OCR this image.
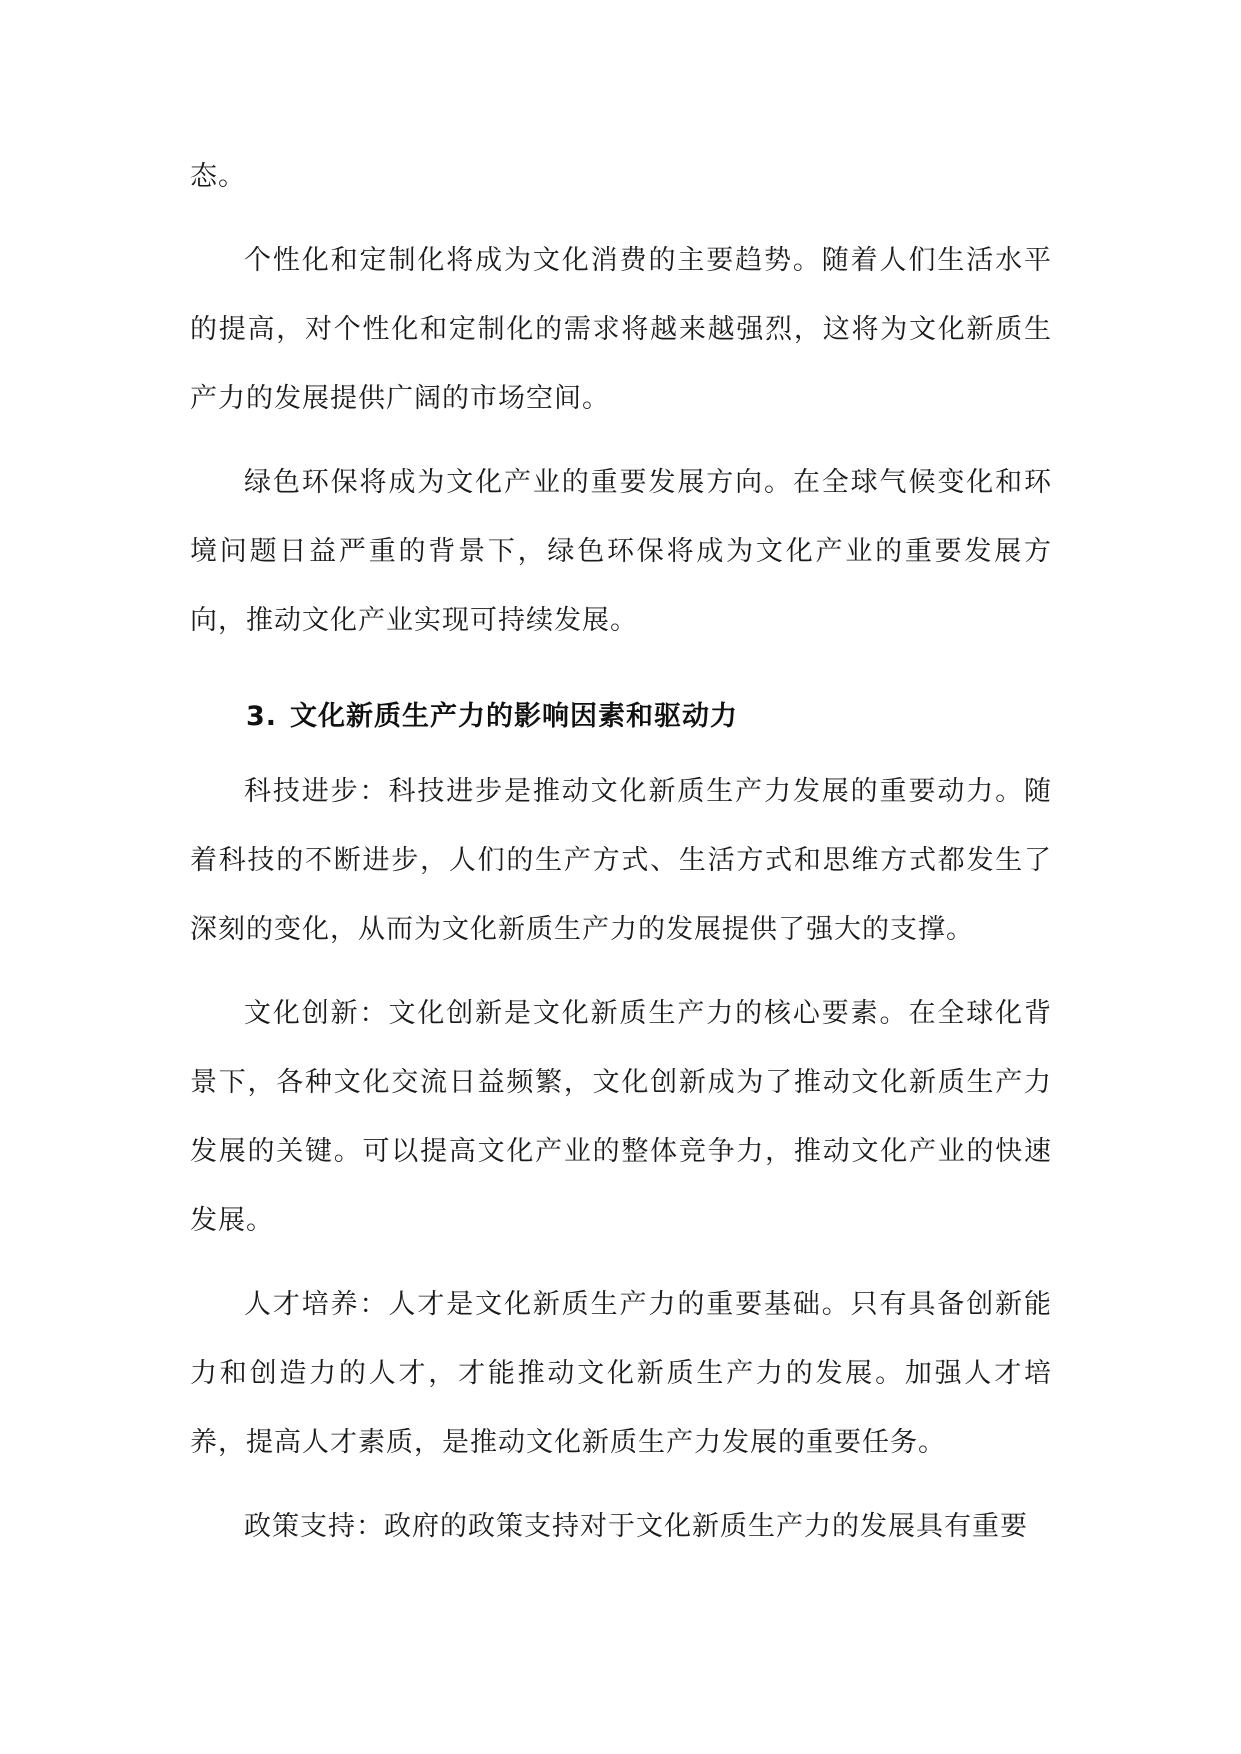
态。

个性化和定制化将成为文化消费的主要趋势。随着人们生活水平的提高，对个性化和定制化的需求将越来越强烈，这将为文化新质生产力的发展提供广阔的市场空间。

绿色环保将成为文化产业的重要发展方向。在全球气候变化和环境问题日益严重的背景下，绿色环保将成为文化产业的重要发展方向，推动文化产业实现可持续发展。

3. 文化新质生产力的影响因素和驱动力

科技进步：科技进步是推动文化新质生产力发展的重要动力。随着科技的不断进步，人们的生产方式、生活方式和思维方式都发生了深刻的变化，从而为文化新质生产力的发展提供了强大的支撑。

文化创新：文化创新是文化新质生产力的核心要素。在全球化背景下，各种文化交流日益频繁，文化创新成为了推动文化新质生产力发展的关键。可以提高文化产业的整体竞争力，推动文化产业的快速发展。

人才培养：人才是文化新质生产力的重要基础。只有具备创新能力和创造力的人才，才能推动文化新质生产力的发展。加强人才培养，提高人才素质，是推动文化新质生产力发展的重要任务。

政策支持：政府的政策支持对于文化新质生产力的发展具有重要
